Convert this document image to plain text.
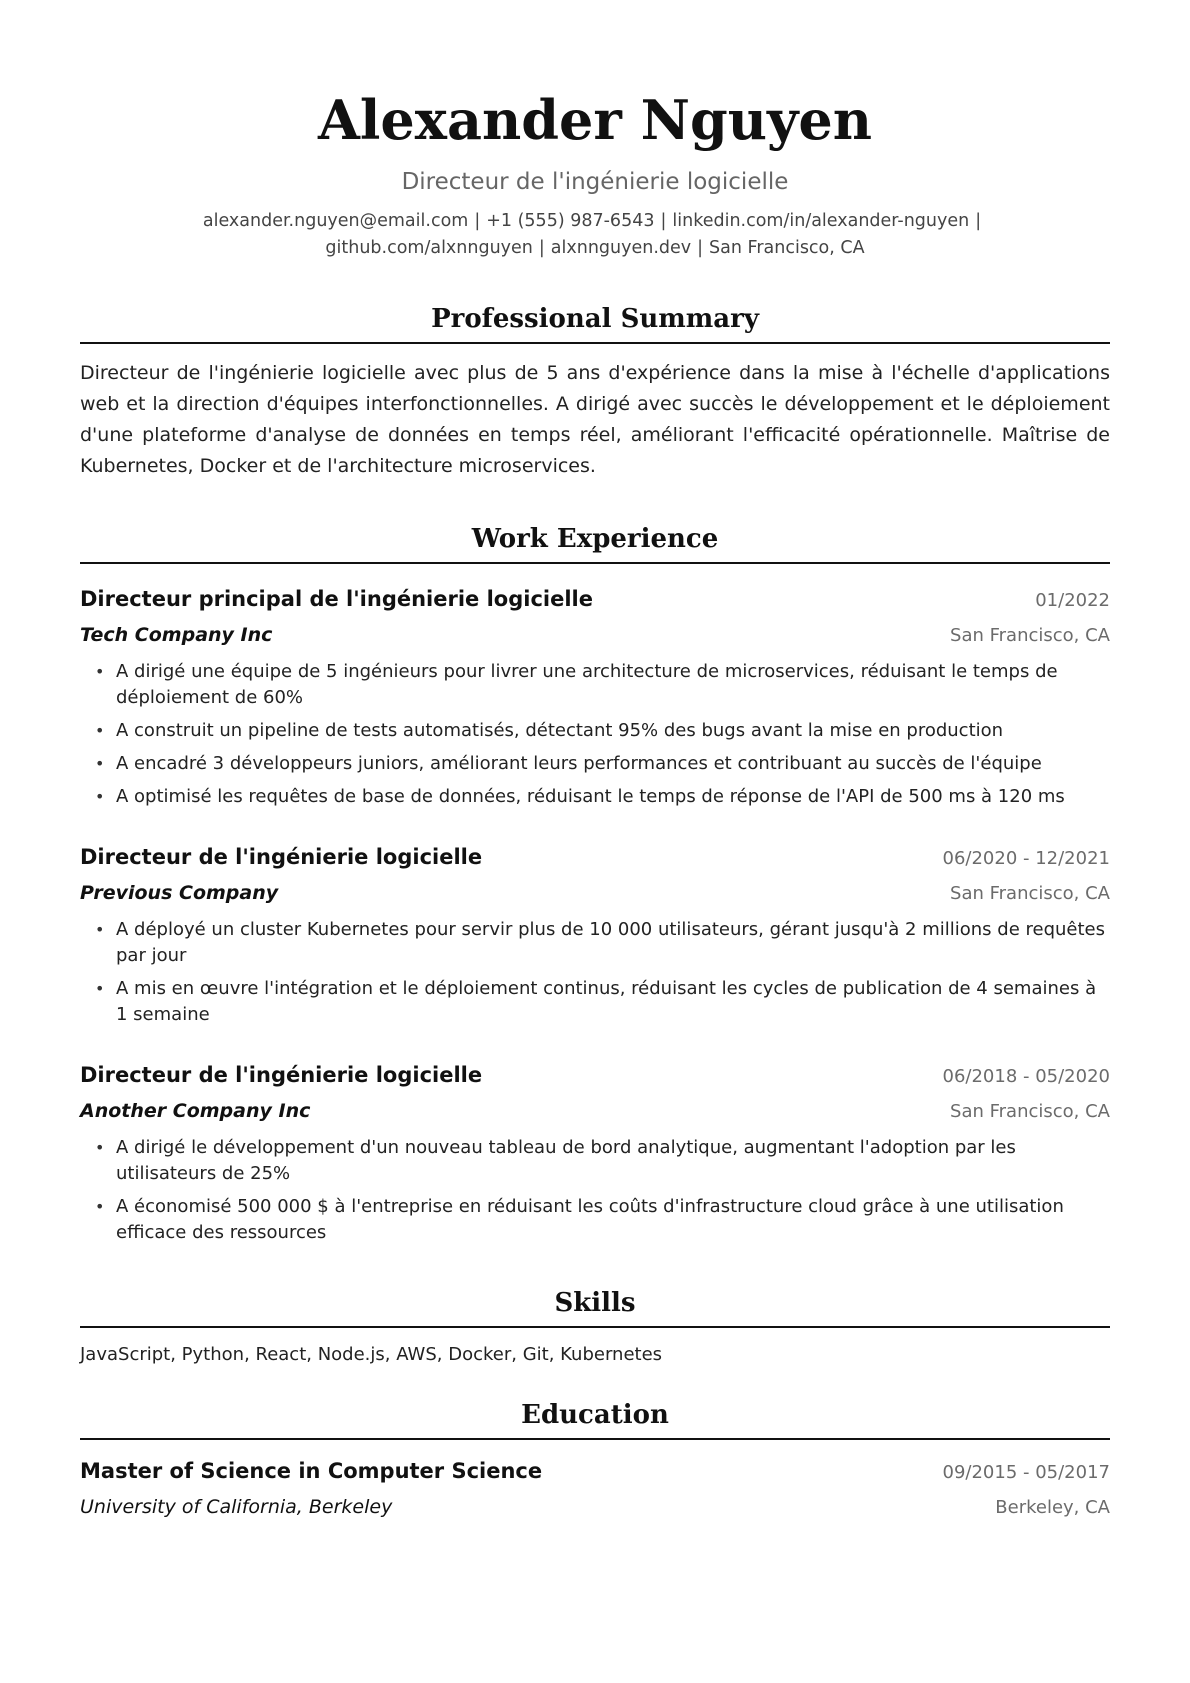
Alexander Nguyen
Directeur de l'ingénierie logicielle
alexander.nguyen@email.com | +1 (555) 987-6543 | linkedin.com/in/alexander-nguyen |
github.com/alxnnguyen | alxnnguyen.dev | San Francisco, CA
Professional Summary

Directeur de l'ingénierie logicielle avec plus de 5 ans d'expérience dans la mise à l'échelle d'applications web et la direction d'équipes interfonctionnelles. A dirigé avec succès le développement et le déploiement d'une plateforme d'analyse de données en temps réel, améliorant l'efficacité opérationnelle. Maîtrise de Kubernetes, Docker et de l'architecture microservices.

Work Experience
Directeur principal de l'ingénierie logicielle	01/2022
Tech Company Inc	San Francisco, CA
• A dirigé une équipe de 5 ingénieurs pour livrer une architecture de microservices, réduisant le temps de déploiement de 60%
• A construit un pipeline de tests automatisés, détectant 95% des bugs avant la mise en production
• A encadré 3 développeurs juniors, améliorant leurs performances et contribuant au succès de l'équipe
• A optimisé les requêtes de base de données, réduisant le temps de réponse de l'API de 500 ms à 120 ms
Directeur de l'ingénierie logicielle	06/2020 - 12/2021
Previous Company	San Francisco, CA
• A déployé un cluster Kubernetes pour servir plus de 10 000 utilisateurs, gérant jusqu'à 2 millions de requêtes par jour
• A mis en œuvre l'intégration et le déploiement continus, réduisant les cycles de publication de 4 semaines à 1 semaine
Directeur de l'ingénierie logicielle	06/2018 - 05/2020
Another Company Inc	San Francisco, CA
• A dirigé le développement d'un nouveau tableau de bord analytique, augmentant l'adoption par les utilisateurs de 25%
• A économisé 500 000 $ à l'entreprise en réduisant les coûts d'infrastructure cloud grâce à une utilisation efficace des ressources
Skills
JavaScript, Python, React, Node.js, AWS, Docker, Git, Kubernetes
Education
Master of Science in Computer Science	09/2015 - 05/2017
University of California, Berkeley	Berkeley, CA
